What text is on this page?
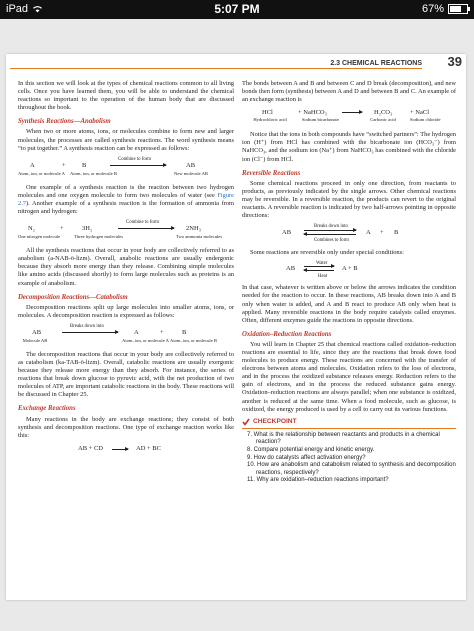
iPad	5:07 PM	67%
2.3 CHEMICAL REACTIONS 39

In this section we will look at the types of chemical reactions common to all living cells. Once you have learned them, you will be able to understand the chemical reactions so important to the operation of the human body that are discussed throughout the book.

Synthesis Reactions—Anabolism

When two or more atoms, ions, or molecules combine to form new and larger molecules, the processes are called synthesis reactions. The word synthesis means “to put together.” A synthesis reaction can be expressed as follows:

A	+	B
Combine to form
AB
Atom, ion, or molecule A Atom, ion, or molecule B	New molecule AB

One example of a synthesis reaction is the reaction between two hydrogen molecules and one oxygen molecule to form two molecules of water (see Figure 2.7). Another example of a synthesis reaction is the formation of ammonia from nitrogen and hydrogen:

N₂	+	3H₂
Combine to form
2NH₃
One nitrogen molecule	Three hydrogen molecules	Two ammonia molecules

All the synthesis reactions that occur in your body are collectively referred to as anabolism (a-NAB-ō-lizm). Overall, anabolic reactions are usually endergonic because they absorb more energy than they release. Combining simple molecules like amino acids (discussed shortly) to form large molecules such as proteins is an example of anabolism.

Decomposition Reactions—Catabolism

Decomposition reactions split up large molecules into smaller atoms, ions, or molecules. A decomposition reaction is expressed as follows:

AB
Breaks down into
A	+	B
Molecule AB	Atom, ion, or molecule A Atom, ion, or molecule B

The decomposition reactions that occur in your body are collectively referred to as catabolism (ka-TAB-ō-lizm). Overall, catabolic reactions are usually exergonic because they release more energy than they absorb. For instance, the series of reactions that break down glucose to pyruvic acid, with the net production of two molecules of ATP, are important catabolic reactions in the body. These reactions will be discussed in Chapter 25.

Exchange Reactions

Many reactions in the body are exchange reactions; they consist of both synthesis and decomposition reactions. One type of exchange reaction works like this:

AB + CD	AD + BC

The bonds between A and B and between C and D break (decomposition), and new bonds then form (synthesis) between A and D and between B and C. An example of an exchange reaction is

HCl	+ NaHCO₃	H₂CO₃	+ NaCl
Hydrochloric acid	Sodium bicarbonate	Carbonic acid	Sodium chloride

Notice that the ions in both compounds have “switched partners”: The hydrogen ion (H⁺) from HCl has combined with the bicarbonate ion (HCO₃⁻) from NaHCO₃, and the sodium ion (Na⁺) from NaHCO₃ has combined with the chloride ion (Cl⁻) from HCl.

Reversible Reactions

Some chemical reactions proceed in only one direction, from reactants to products, as previously indicated by the single arrows. Other chemical reactions may be reversible. In a reversible reaction, the products can revert to the original reactants. A reversible reaction is indicated by two half-arrows pointing in opposite directions:

Breaks down into
AB	A + B
Combines to form

Some reactions are reversible only under special conditions:

Water
AB	A + B
Heat

In that case, whatever is written above or below the arrows indicates the condition needed for the reaction to occur. In these reactions, AB breaks down into A and B only when water is added, and A and B react to produce AB only when heat is applied. Many reversible reactions in the body require catalysts called enzymes. Often, different enzymes guide the reactions in opposite directions.

Oxidation–Reduction Reactions

You will learn in Chapter 25 that chemical reactions called oxidation–reduction reactions are essential to life, since they are the reactions that break down food molecules to produce energy. These reactions are concerned with the transfer of electrons between atoms and molecules. Oxidation refers to the loss of electrons, and in the process the oxidized substance releases energy. Reduction refers to the gain of electrons, and in the process the reduced substance gains energy. Oxidation–reduction reactions are always parallel; when one substance is oxidized, another is reduced at the same time. When a food molecule, such as glucose, is oxidized, the energy produced is used by a cell to carry out its various functions.

CHECKPOINT
7. What is the relationship between reactants and products in a chemical reaction?
8. Compare potential energy and kinetic energy.
9. How do catalysts affect activation energy?
10. How are anabolism and catabolism related to synthesis and decomposition reactions, respectively?
11. Why are oxidation–reduction reactions important?
